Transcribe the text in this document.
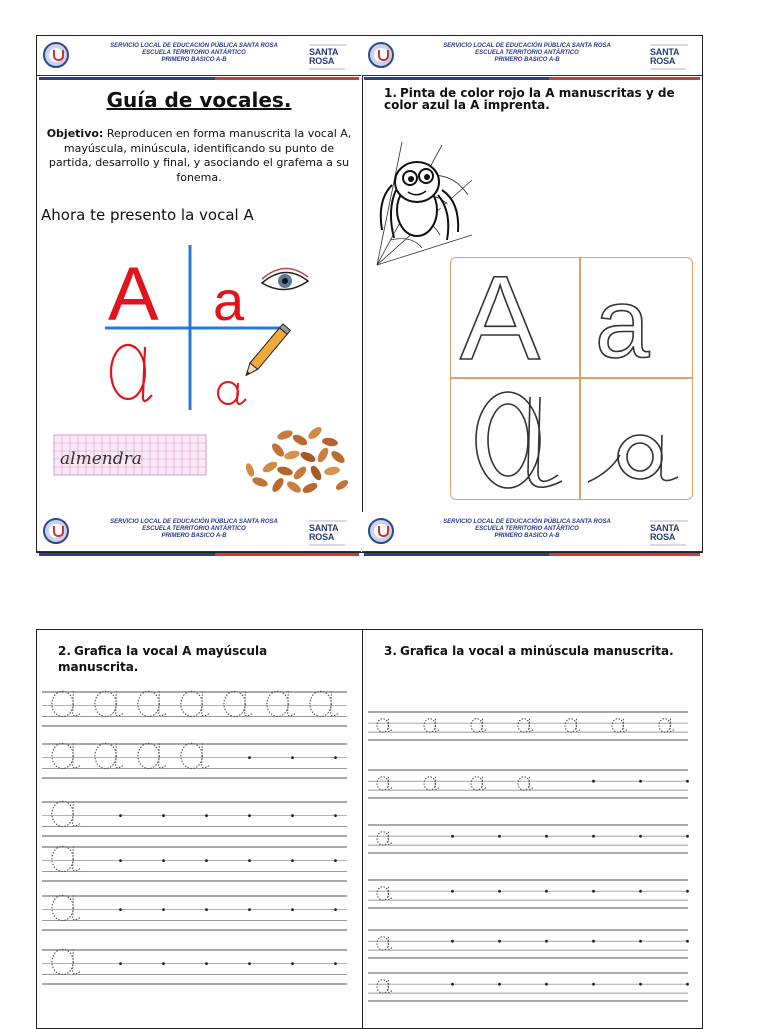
SERVICIO LOCAL DE EDUCACIÓN PÚBLICA SANTA ROSA
ESCUELA TERRITORIO ANTÁRTICO
PRIMERO BASICO A-B
SANTA
ROSA
SERVICIO LOCAL DE EDUCACIÓN PÚBLICA SANTA ROSA
ESCUELA TERRITORIO ANTÁRTICO
PRIMERO BASICO A-B
SANTA
ROSA
Guía de vocales.
Objetivo: Reproducen en forma manuscrita la vocal A, mayúscula, minúscula, identificando su punto de partida, desarrollo y final, y asociando el grafema a su fonema.
Ahora te presento la vocal A
A a
almendra
1. Pinta de color rojo la A manuscritas y de color azul la A imprenta.
A a
SERVICIO LOCAL DE EDUCACIÓN PÚBLICA SANTA ROSA
ESCUELA TERRITORIO ANTÁRTICO
PRIMERO BASICO A-B
SANTA
ROSA
SERVICIO LOCAL DE EDUCACIÓN PÚBLICA SANTA ROSA
ESCUELA TERRITORIO ANTÁRTICO
PRIMERO BASICO A-B
SANTA
ROSA
2. Grafica la vocal A mayúscula manuscrita.
3. Grafica la vocal a minúscula manuscrita.
